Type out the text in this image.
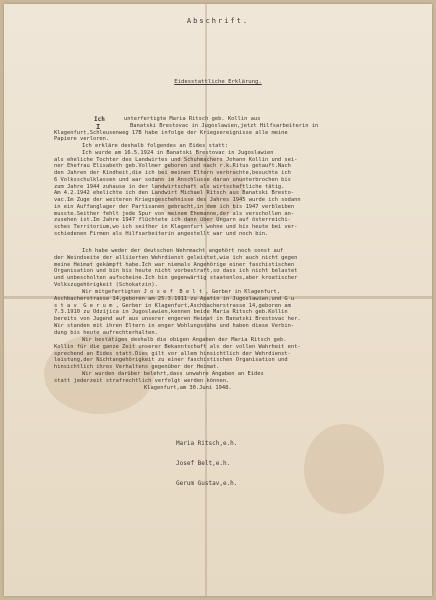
Abschrift.
Eidesstattliche Erklärung.
Ich
I
unterfertigte Maria Ritsch geb. Kollin aus
Banatski Brestovac in Jugoslawien,jetzt Hilfsarbeiterin in
Klagenfurt,Schleusenweg 17B habe infolge der Kriegsereignisse alle meine
Papiere verloren.
Ich erkläre deshalb folgendes an Eides statt:
Ich wurde am 16.5.1924 in Banatski Brestovac in Jugoslawien
als eheliche Tochter des Landwirtes und Schuhmachers Johann Kollin und sei-
ner Ehefrau Elisabeth geb.Vollmer geboren und nach r.k.Ritus getauft.Nach
den Jahren der Kindheit,die ich bei meinen Eltern verbrachte,besuchte ich
6 Volksschulklassen und war sodann im Anschlusse daran ununterbrochen bis
zum Jahre 1944 zuhause in der landwirtschaft als wirtschaftliche tätig.
Am 4.2.1942 ehelichte ich den Landwirt Michael Ritsch aus Banatski Bresto-
vac.Im Zuge der weiteren Kriegsgeschehnisse des Jahres 1945 wurde ich sodann
in ein Auffanglager der Partisanen gebracht,in dem ich bis 1947 verbleiben
musste.Seither fehlt jede Spur von meinem Ehemanne,der als verschollen an-
zusehen ist.Im Jahre 1947 flüchtete ich dann über Ungarn auf österreichi-
sches Territorium,wo ich seither in Klagenfurt wohne und bis heute bei ver-
schiedenen Firmen als Hilfsarbeiterin angestellt war und noch bin.
Ich habe weder der deutschen Wehrmacht angehört noch sonst auf
der Weindseite der alliierten Wehrdienst geleistet,wie ich auch nicht gegen
meine Heimat gekämpft habe.Ich war niemals Angehörige einer faschistischen
Organisation und bin bis heute nicht vorbestraft,so dass ich nicht belastet
und unbescholten aufscheine.Ich bin gegenwärtig staatenlos,aber kroatischer
Volkszugehörigkeit (Schokatzin).
Wir mitgefertigten J o s e f  B e l t , Gerber in Klagenfurt,
Aschbacherstrasse 14,geboren am 25.3.1911 zu Apatin in Jugoslawien,und G u
s t a v  G e r u m , Gerber in Klagenfurt,Aschbacherstrasse 14,geboren am
7.3.1910 zu Odzijica in Jugoslawien,kennen beide Maria Ritsch geb.Kollin
bereits von Jugend auf aus unserer engeren Heimat in Banatski Brestovac her.
Wir standen mit ihren Eltern in enger Wohlungsnähe und haben diese Verbin-
dung bis heute aufrechterhalten.
Wir bestätigen deshalb die obigen Angaben der Maria Ritsch geb.
Kollin für die ganze Zeit unserer Bekanntschaft als der vollen Wahrheit ent-
sprechend an Eides statt.Dies gilt vor allem hinsichtlich der Wehrdienst-
leistung,der Nichtangehörigkeit zu einer faschistischen Organisation und
hinsichtlich ihres Verhaltens gegenüber der Heimat.
Wir wurden darüber belehrt,dass unwahre Angaben an Eides
statt jederzeit strafrechtlich verfolgt werden können.
Klagenfurt,am 30.Juni 1948.
Maria Ritsch,e.h.
Josef Belt,e.h.
Gerum Gustav,e.h.
